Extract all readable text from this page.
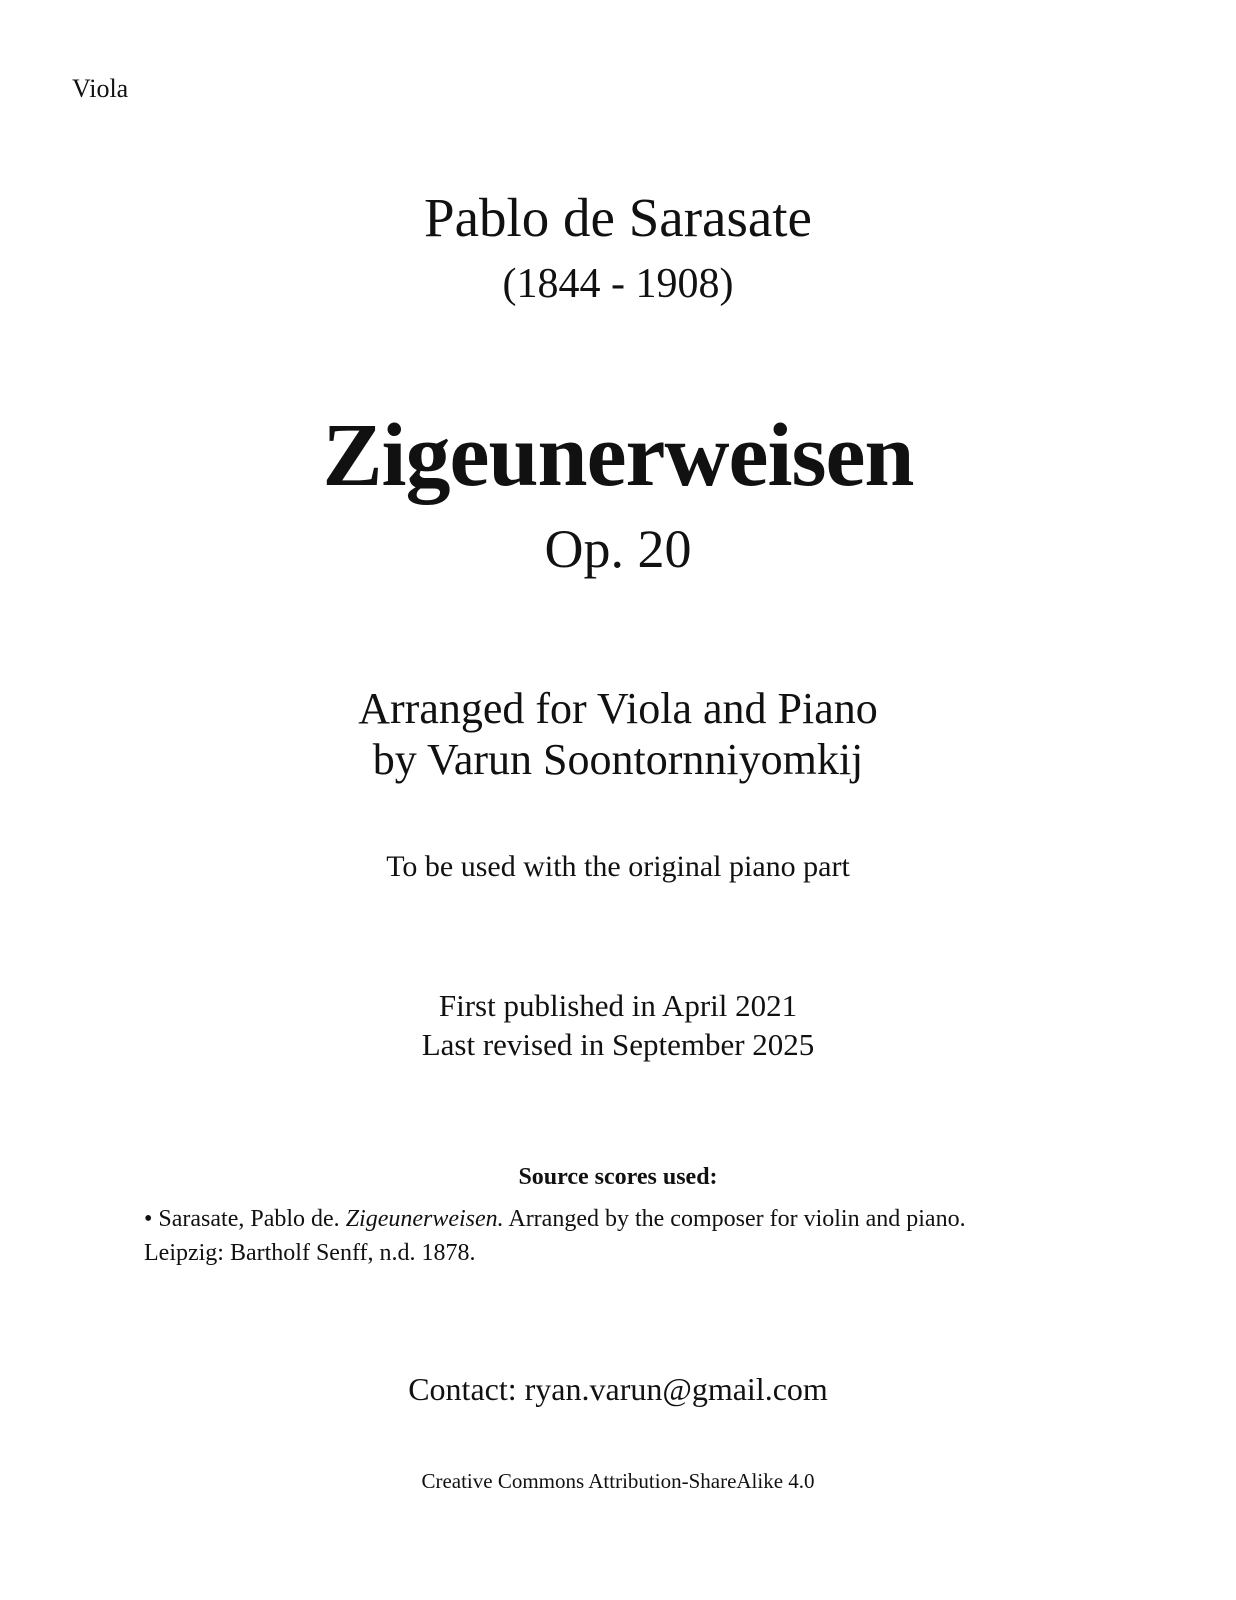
Viola
Pablo de Sarasate
(1844 - 1908)
Zigeunerweisen
Op. 20
Arranged for Viola and Piano
by Varun Soontornniyomkij
To be used with the original piano part
First published in April 2021
Last revised in September 2025
Source scores used:
• Sarasate, Pablo de. Zigeunerweisen. Arranged by the composer for violin and piano. Leipzig: Bartholf Senff, n.d. 1878.
Contact: ryan.varun@gmail.com
Creative Commons Attribution-ShareAlike 4.0
